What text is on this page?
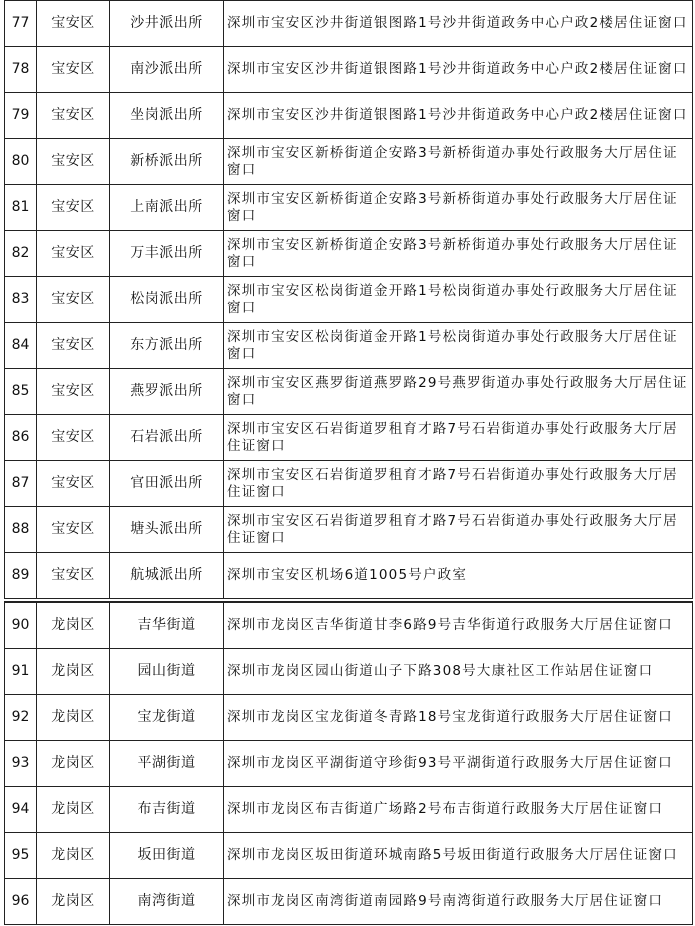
77	宝安区	沙井派出所	深圳市宝安区沙井街道银图路1号沙井街道政务中心户政2楼居住证窗口
78	宝安区	南沙派出所	深圳市宝安区沙井街道银图路1号沙井街道政务中心户政2楼居住证窗口
79	宝安区	坐岗派出所	深圳市宝安区沙井街道银图路1号沙井街道政务中心户政2楼居住证窗口
80	宝安区	新桥派出所	深圳市宝安区新桥街道企安路3号新桥街道办事处行政服务大厅居住证窗口
81	宝安区	上南派出所	深圳市宝安区新桥街道企安路3号新桥街道办事处行政服务大厅居住证窗口
82	宝安区	万丰派出所	深圳市宝安区新桥街道企安路3号新桥街道办事处行政服务大厅居住证窗口
83	宝安区	松岗派出所	深圳市宝安区松岗街道金开路1号松岗街道办事处行政服务大厅居住证窗口
84	宝安区	东方派出所	深圳市宝安区松岗街道金开路1号松岗街道办事处行政服务大厅居住证窗口
85	宝安区	燕罗派出所	深圳市宝安区燕罗街道燕罗路29号燕罗街道办事处行政服务大厅居住证窗口
86	宝安区	石岩派出所	深圳市宝安区石岩街道罗租育才路7号石岩街道办事处行政服务大厅居住证窗口
87	宝安区	官田派出所	深圳市宝安区石岩街道罗租育才路7号石岩街道办事处行政服务大厅居住证窗口
88	宝安区	塘头派出所	深圳市宝安区石岩街道罗租育才路7号石岩街道办事处行政服务大厅居住证窗口
89	宝安区	航城派出所	深圳市宝安区机场6道1005号户政室
90	龙岗区	吉华街道	深圳市龙岗区吉华街道甘李6路9号吉华街道行政服务大厅居住证窗口
91	龙岗区	园山街道	深圳市龙岗区园山街道山子下路308号大康社区工作站居住证窗口
92	龙岗区	宝龙街道	深圳市龙岗区宝龙街道冬青路18号宝龙街道行政服务大厅居住证窗口
93	龙岗区	平湖街道	深圳市龙岗区平湖街道守珍街93号平湖街道行政服务大厅居住证窗口
94	龙岗区	布吉街道	深圳市龙岗区布吉街道广场路2号布吉街道行政服务大厅居住证窗口
95	龙岗区	坂田街道	深圳市龙岗区坂田街道环城南路5号坂田街道行政服务大厅居住证窗口
96	龙岗区	南湾街道	深圳市龙岗区南湾街道南园路9号南湾街道行政服务大厅居住证窗口
